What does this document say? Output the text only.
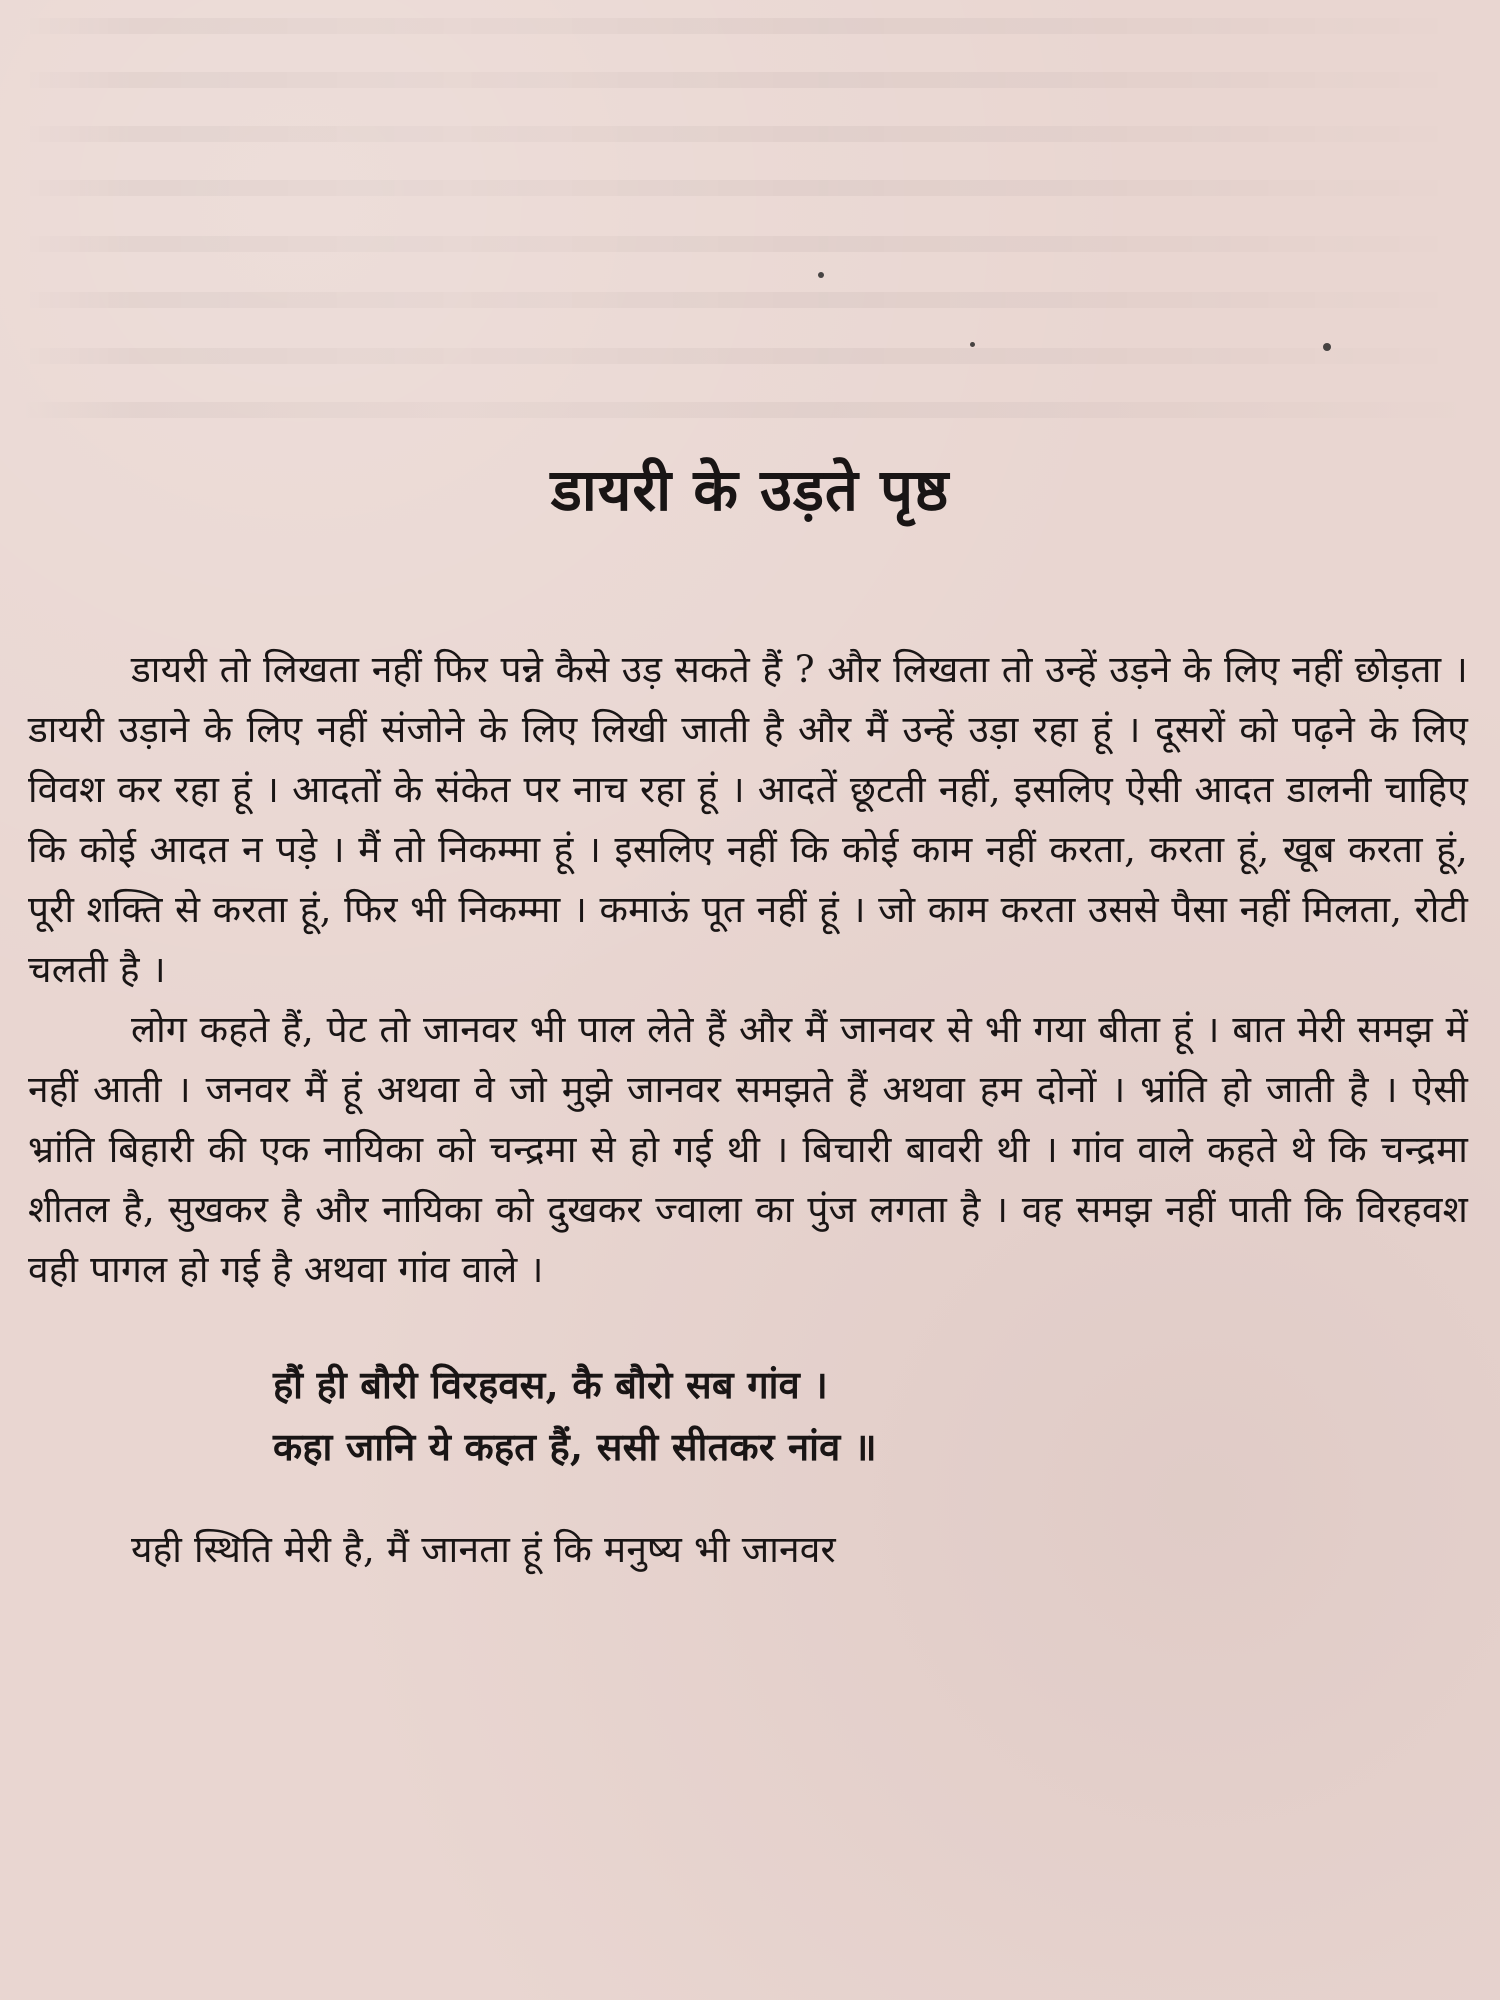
डायरी के उड़ते पृष्ठ

डायरी तो लिखता नहीं फिर पन्ने कैसे उड़ सकते हैं ? और लिखता तो उन्हें उड़ने के लिए नहीं छोड़ता । डायरी उड़ाने के लिए नहीं संजोने के लिए लिखी जाती है और मैं उन्हें उड़ा रहा हूं । दूसरों को पढ़ने के लिए विवश कर रहा हूं । आदतों के संकेत पर नाच रहा हूं । आदतें छूटती नहीं, इसलिए ऐसी आदत डालनी चाहिए कि कोई आदत न पड़े । मैं तो निकम्मा हूं । इसलिए नहीं कि कोई काम नहीं करता, करता हूं, खूब करता हूं, पूरी शक्ति से करता हूं, फिर भी निकम्मा । कमाऊं पूत नहीं हूं । जो काम करता उससे पैसा नहीं मिलता, रोटी चलती है ।

लोग कहते हैं, पेट तो जानवर भी पाल लेते हैं और मैं जानवर से भी गया बीता हूं । बात मेरी समझ में नहीं आती । जनवर मैं हूं अथवा वे जो मुझे जानवर समझते हैं अथवा हम दोनों । भ्रांति हो जाती है । ऐसी भ्रांति बिहारी की एक नायिका को चन्द्रमा से हो गई थी । बिचारी बावरी थी । गांव वाले कहते थे कि चन्द्रमा शीतल है, सुखकर है और नायिका को दुखकर ज्वाला का पुंज लगता है । वह समझ नहीं पाती कि विरहवश वही पागल हो गई है अथवा गांव वाले ।

हौं ही बौरी विरहवस, कै बौरो सब गांव ।
कहा जानि ये कहत हैं, ससी सीतकर नांव ॥

यही स्थिति मेरी है, मैं जानता हूं कि मनुष्य भी जानवर
